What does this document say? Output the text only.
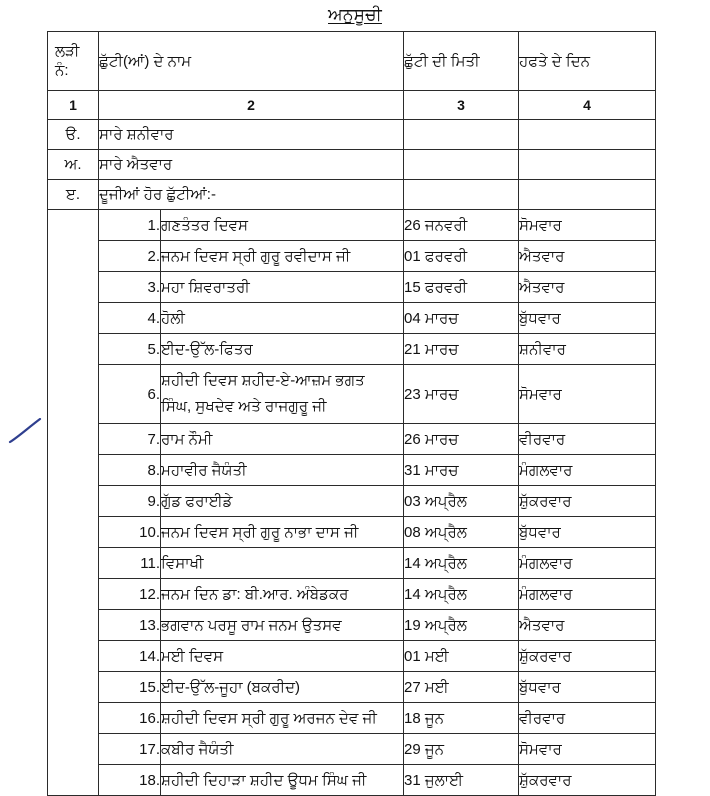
ਅਨੁਸੂਚੀ
ਲੜੀ
ਨੰ:	ਛੁੱਟੀ(ਆਂ) ਦੇ ਨਾਮ		ਛੁੱਟੀ ਦੀ ਮਿਤੀ	ਹਫਤੇ ਦੇ ਦਿਨ
1	2		3	4
ੳ.	ਸਾਰੇ ਸ਼ਨੀਵਾਰ			
ਅ.	ਸਾਰੇ ਐਤਵਾਰ			
ੲ.	ਦੂਜੀਆਂ ਹੋਰ ਛੁੱਟੀਆਂ:-			
	1.	ਗਣਤੰਤਰ ਦਿਵਸ	26 ਜਨਵਰੀ	ਸੋਮਵਾਰ
	2.	ਜਨਮ ਦਿਵਸ ਸ੍ਰੀ ਗੁਰੂ ਰਵੀਦਾਸ ਜੀ	01 ਫਰਵਰੀ	ਐਤਵਾਰ
	3.	ਮਹਾ ਸ਼ਿਵਰਾਤਰੀ	15 ਫਰਵਰੀ	ਐਤਵਾਰ
	4.	ਹੋਲੀ	04 ਮਾਰਚ	ਬੁੱਧਵਾਰ
	5.	ਈਦ-ਉੱਲ-ਫਿਤਰ	21 ਮਾਰਚ	ਸ਼ਨੀਵਾਰ
	6.	ਸ਼ਹੀਦੀ ਦਿਵਸ ਸ਼ਹੀਦ-ਏ-ਆਜ਼ਮ ਭਗਤ
ਸਿੰਘ, ਸੁਖਦੇਵ ਅਤੇ ਰਾਜਗੁਰੂ ਜੀ	23 ਮਾਰਚ	ਸੋਮਵਾਰ
	7.	ਰਾਮ ਨੌਮੀ	26 ਮਾਰਚ	ਵੀਰਵਾਰ
	8.	ਮਹਾਵੀਰ ਜੈਯੰਤੀ	31 ਮਾਰਚ	ਮੰਗਲਵਾਰ
	9.	ਗੁੱਡ ਫਰਾਈਡੇ	03 ਅਪ੍ਰੈਲ	ਸ਼ੁੱਕਰਵਾਰ
	10.	ਜਨਮ ਦਿਵਸ ਸ੍ਰੀ ਗੁਰੂ ਨਾਭਾ ਦਾਸ ਜੀ	08 ਅਪ੍ਰੈਲ	ਬੁੱਧਵਾਰ
	11.	ਵਿਸਾਖੀ	14 ਅਪ੍ਰੈਲ	ਮੰਗਲਵਾਰ
	12.	ਜਨਮ ਦਿਨ ਡਾ: ਬੀ.ਆਰ. ਅੰਬੇਡਕਰ	14 ਅਪ੍ਰੈਲ	ਮੰਗਲਵਾਰ
	13.	ਭਗਵਾਨ ਪਰਸੂ ਰਾਮ ਜਨਮ ਉਤਸਵ	19 ਅਪ੍ਰੈਲ	ਐਤਵਾਰ
	14.	ਮਈ ਦਿਵਸ	01 ਮਈ	ਸ਼ੁੱਕਰਵਾਰ
	15.	ਈਦ-ਉੱਲ-ਜੂਹਾ (ਬਕਰੀਦ)	27 ਮਈ	ਬੁੱਧਵਾਰ
	16.	ਸ਼ਹੀਦੀ ਦਿਵਸ ਸ੍ਰੀ ਗੁਰੂ ਅਰਜਨ ਦੇਵ ਜੀ	18 ਜੂਨ	ਵੀਰਵਾਰ
	17.	ਕਬੀਰ ਜੈਯੰਤੀ	29 ਜੂਨ	ਸੋਮਵਾਰ
	18.	ਸ਼ਹੀਦੀ ਦਿਹਾੜਾ ਸ਼ਹੀਦ ਊਧਮ ਸਿੰਘ ਜੀ	31 ਜੁਲਾਈ	ਸ਼ੁੱਕਰਵਾਰ
